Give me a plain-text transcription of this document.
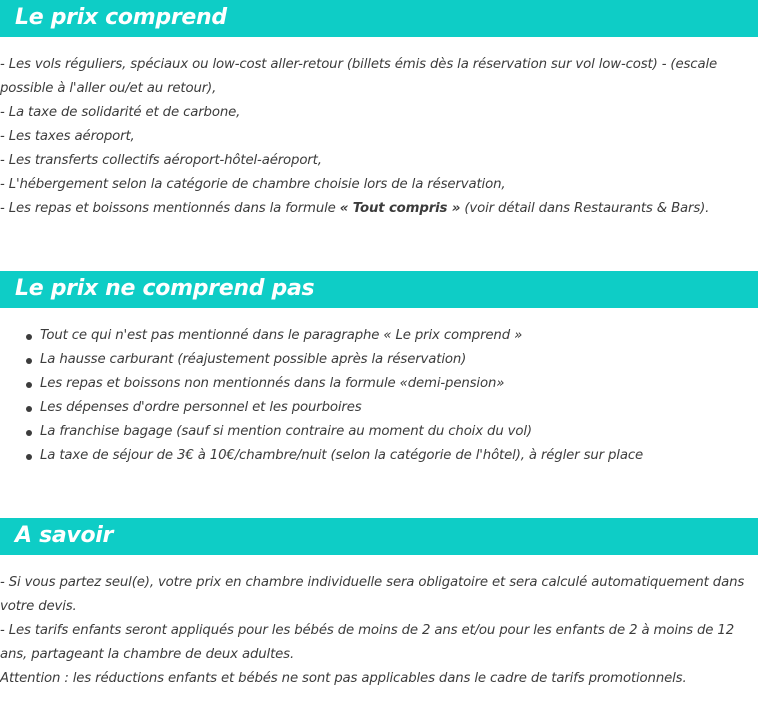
Le prix comprend

- Les vols réguliers, spéciaux ou low-cost aller-retour (billets émis dès la réservation sur vol low-cost) - (escale possible à l'aller ou/et au retour),

- La taxe de solidarité et de carbone,

- Les taxes aéroport,

- Les transferts collectifs aéroport-hôtel-aéroport,

- L'hébergement selon la catégorie de chambre choisie lors de la réservation,

- Les repas et boissons mentionnés dans la formule « Tout compris » (voir détail dans Restaurants & Bars).

Le prix ne comprend pas
Tout ce qui n'est pas mentionné dans le paragraphe « Le prix comprend »
La hausse carburant (réajustement possible après la réservation)
Les repas et boissons non mentionnés dans la formule «demi-pension»
Les dépenses d'ordre personnel et les pourboires
La franchise bagage (sauf si mention contraire au moment du choix du vol)
La taxe de séjour de 3€ à 10€/chambre/nuit (selon la catégorie de l'hôtel), à régler sur place
A savoir

- Si vous partez seul(e), votre prix en chambre individuelle sera obligatoire et sera calculé automatiquement dans votre devis.

- Les tarifs enfants seront appliqués pour les bébés de moins de 2 ans et/ou pour les enfants de 2 à moins de 12 ans, partageant la chambre de deux adultes.

Attention : les réductions enfants et bébés ne sont pas applicables dans le cadre de tarifs promotionnels.
